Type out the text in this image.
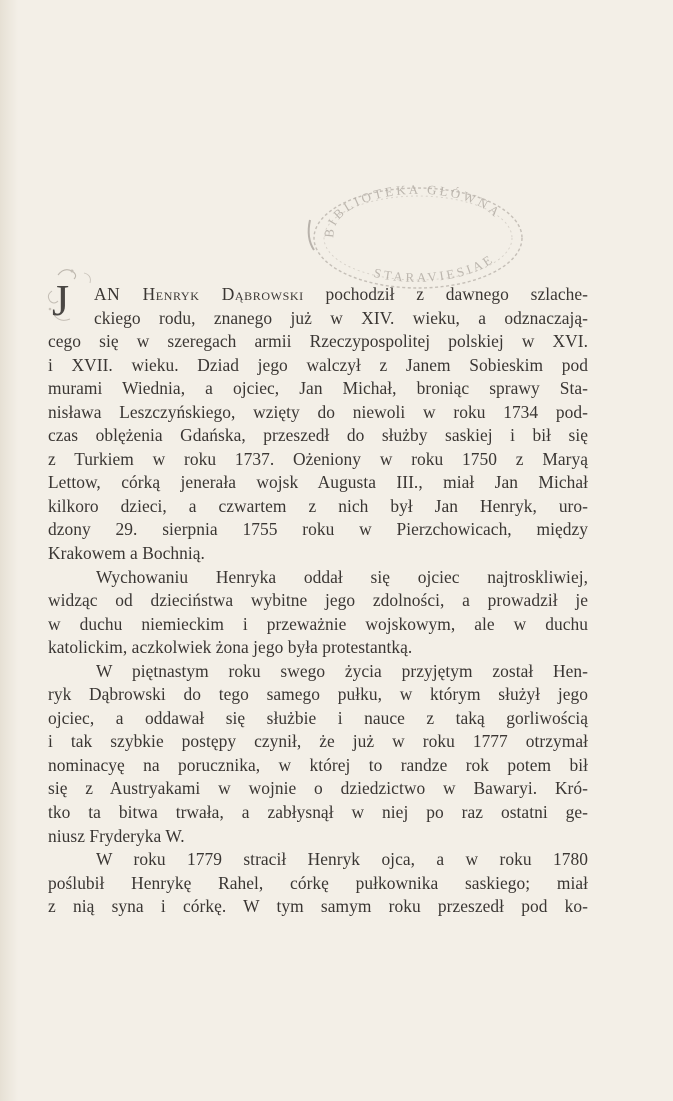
BIBLIOTEKA GŁÓWNA
STARAVIESIAE
J	AN Henryk Dąbrowski pochodził z dawnego szlache-
ckiego rodu, znanego już w XIV. wieku, a odznaczają-
cego się w szeregach armii Rzeczypospolitej polskiej w XVI.
i XVII. wieku. Dziad jego walczył z Janem Sobieskim pod
murami Wiednia, a ojciec, Jan Michał, broniąc sprawy Sta-
nisława Leszczyńskiego, wzięty do niewoli w roku 1734 pod-
czas oblężenia Gdańska, przeszedł do służby saskiej i bił się
z Turkiem w roku 1737. Ożeniony w roku 1750 z Maryą
Lettow, córką jenerała wojsk Augusta III., miał Jan Michał
kilkoro dzieci, a czwartem z nich był Jan Henryk, uro-
dzony 29. sierpnia 1755 roku w Pierzchowicach, między
Krakowem a Bochnią.
Wychowaniu Henryka oddał się ojciec najtroskliwiej,
widząc od dzieciństwa wybitne jego zdolności, a prowadził je
w duchu niemieckim i przeważnie wojskowym, ale w duchu
katolickim, aczkolwiek żona jego była protestantką.
W piętnastym roku swego życia przyjętym został Hen-
ryk Dąbrowski do tego samego pułku, w którym służył jego
ojciec, a oddawał się służbie i nauce z taką gorliwością
i tak szybkie postępy czynił, że już w roku 1777 otrzymał
nominacyę na porucznika, w której to randze rok potem bił
się z Austryakami w wojnie o dziedzictwo w Bawaryi. Kró-
tko ta bitwa trwała, a zabłysnął w niej po raz ostatni ge-
niusz Fryderyka W.
W roku 1779 stracił Henryk ojca, a w roku 1780
poślubił Henrykę Rahel, córkę pułkownika saskiego; miał
z nią syna i córkę. W tym samym roku przeszedł pod ko-
